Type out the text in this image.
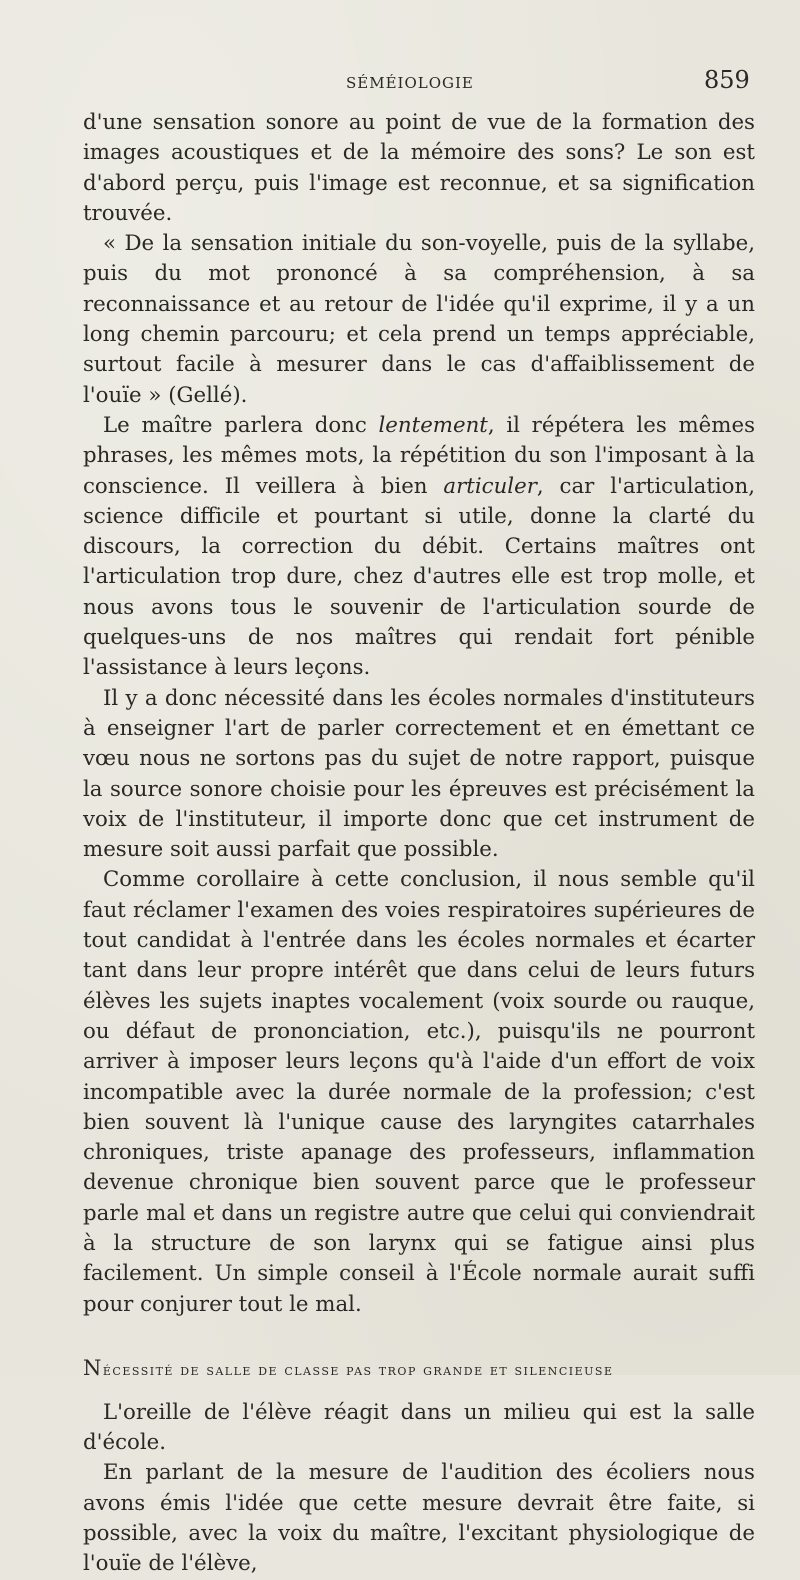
SÉMÉIOLOGIE	859

d'une sensation sonore au point de vue de la formation des images acoustiques et de la mémoire des sons? Le son est d'abord perçu, puis l'image est reconnue, et sa signification trouvée.

« De la sensation initiale du son-voyelle, puis de la syllabe, puis du mot prononcé à sa compréhension, à sa reconnaissance et au retour de l'idée qu'il exprime, il y a un long chemin parcouru; et cela prend un temps appréciable, surtout facile à mesurer dans le cas d'affaiblissement de l'ouïe » (Gellé).

Le maître parlera donc lentement, il répétera les mêmes phrases, les mêmes mots, la répétition du son l'imposant à la conscience. Il veillera à bien articuler, car l'articulation, science difficile et pourtant si utile, donne la clarté du discours, la correction du débit. Certains maîtres ont l'articulation trop dure, chez d'autres elle est trop molle, et nous avons tous le souvenir de l'articulation sourde de quelques-uns de nos maîtres qui rendait fort pénible l'assistance à leurs leçons.

Il y a donc nécessité dans les écoles normales d'instituteurs à enseigner l'art de parler correctement et en émettant ce vœu nous ne sortons pas du sujet de notre rapport, puisque la source sonore choisie pour les épreuves est précisément la voix de l'instituteur, il importe donc que cet instrument de mesure soit aussi parfait que possible.

Comme corollaire à cette conclusion, il nous semble qu'il faut réclamer l'examen des voies respiratoires supérieures de tout candidat à l'entrée dans les écoles normales et écarter tant dans leur propre intérêt que dans celui de leurs futurs élèves les sujets inaptes vocalement (voix sourde ou rauque, ou défaut de prononciation, etc.), puisqu'ils ne pourront arriver à imposer leurs leçons qu'à l'aide d'un effort de voix incompatible avec la durée normale de la profession; c'est bien souvent là l'unique cause des laryngites catarrhales chroniques, triste apanage des professeurs, inflammation devenue chronique bien souvent parce que le professeur parle mal et dans un registre autre que celui qui conviendrait à la structure de son larynx qui se fatigue ainsi plus facilement. Un simple conseil à l'École normale aurait suffi pour conjurer tout le mal.

Nécessité de salle de classe pas trop grande et silencieuse

L'oreille de l'élève réagit dans un milieu qui est la salle d'école.

En parlant de la mesure de l'audition des écoliers nous avons émis l'idée que cette mesure devrait être faite, si possible, avec la voix du maître, l'excitant physiologique de l'ouïe de l'élève,
